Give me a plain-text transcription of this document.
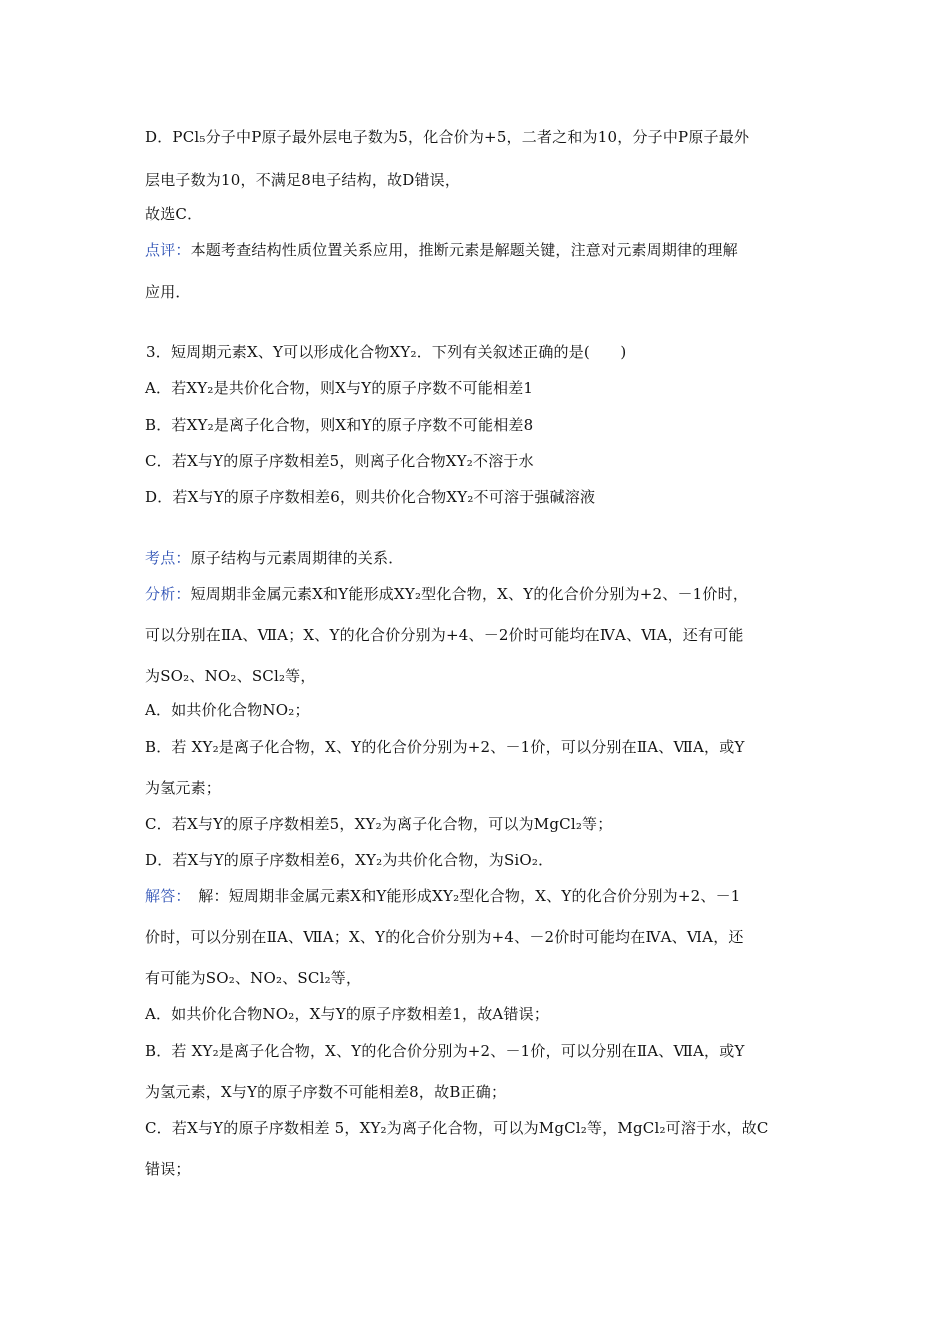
D．PCl₅分子中P原子最外层电子数为5，化合价为+5，二者之和为10，分子中P原子最外
层电子数为10，不满足8电子结构，故D错误，
故选C．
点评：本题考查结构性质位置关系应用，推断元素是解题关键，注意对元素周期律的理解
应用．
3．短周期元素X、Y可以形成化合物XY₂．下列有关叙述正确的是(　　)
A．若XY₂是共价化合物，则X与Y的原子序数不可能相差1
B．若XY₂是离子化合物，则X和Y的原子序数不可能相差8
C．若X与Y的原子序数相差5，则离子化合物XY₂不溶于水
D．若X与Y的原子序数相差6，则共价化合物XY₂不可溶于强碱溶液
考点：原子结构与元素周期律的关系．
分析：短周期非金属元素X和Y能形成XY₂型化合物，X、Y的化合价分别为+2、－1价时，
可以分别在ⅡA、ⅦA；X、Y的化合价分别为+4、－2价时可能均在ⅣA、ⅥA，还有可能
为SO₂、NO₂、SCl₂等，
A．如共价化合物NO₂；
B．若 XY₂是离子化合物，X、Y的化合价分别为+2、－1价，可以分别在ⅡA、ⅦA，或Y
为氢元素；
C．若X与Y的原子序数相差5，XY₂为离子化合物，可以为MgCl₂等；
D．若X与Y的原子序数相差6，XY₂为共价化合物，为SiO₂．
解答：　解：短周期非金属元素X和Y能形成XY₂型化合物，X、Y的化合价分别为+2、－1
价时，可以分别在ⅡA、ⅦA；X、Y的化合价分别为+4、－2价时可能均在ⅣA、ⅥA，还
有可能为SO₂、NO₂、SCl₂等，
A．如共价化合物NO₂，X与Y的原子序数相差1，故A错误；
B．若 XY₂是离子化合物，X、Y的化合价分别为+2、－1价，可以分别在ⅡA、ⅦA，或Y
为氢元素，X与Y的原子序数不可能相差8，故B正确；
C．若X与Y的原子序数相差 5，XY₂为离子化合物，可以为MgCl₂等，MgCl₂可溶于水，故C
错误；
